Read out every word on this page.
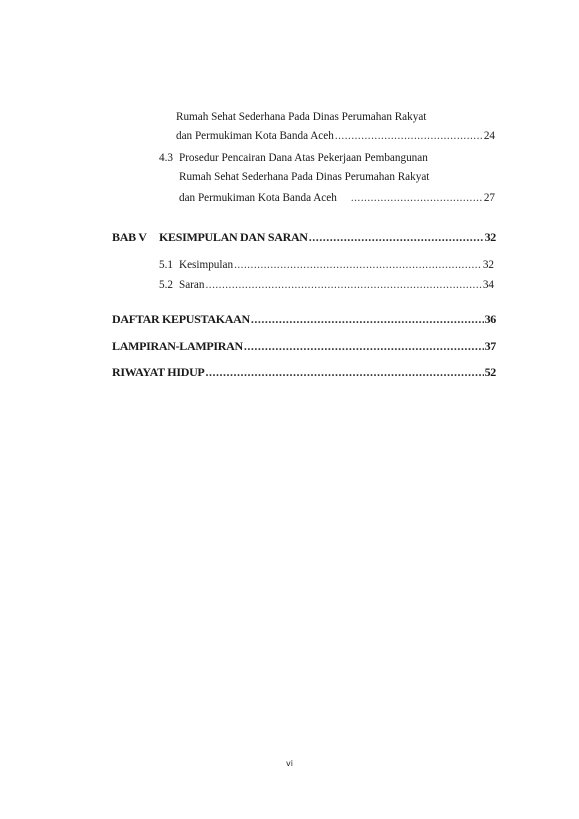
Rumah Sehat Sederhana Pada Dinas Perumahan Rakyat
dan Permukiman Kota Banda Aceh .....	24
4.3 Prosedur Pencairan Dana Atas Pekerjaan Pembangunan
Rumah Sehat Sederhana Pada Dinas Perumahan Rakyat
dan Permukiman Kota Banda Aceh .....	27
BAB V KESIMPULAN DAN SARAN .....	32
5.1 Kesimpulan .....	32
5.2 Saran .....	34
DAFTAR KEPUSTAKAAN .....	36
LAMPIRAN-LAMPIRAN .....	37
RIWAYAT HIDUP .....	52
vi
